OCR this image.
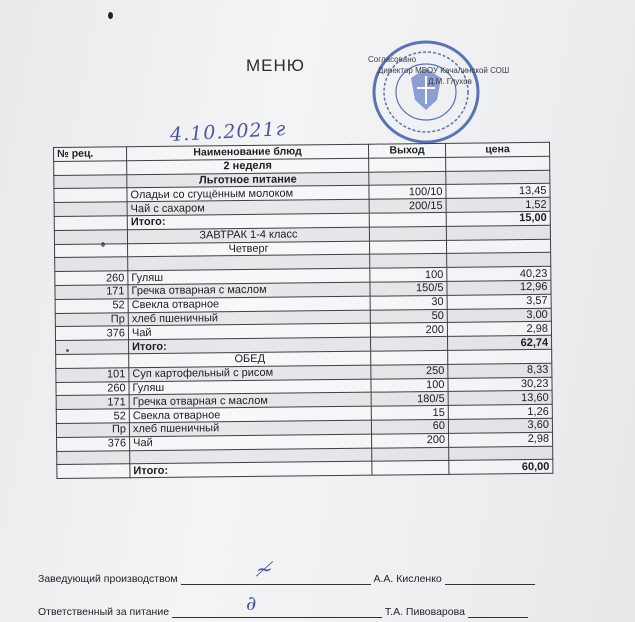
МЕНЮ	Согласовано
Директор МБОУ Качалинской СОШ
Д.М. Глухов
4.10.2021г
№ рец.	Наименование блюд	Выход	цена
	2 неделя		
	Льготное питание		
	Оладьи со сгущённым молоком	100/10	13,45
	Чай с сахаром	200/15	1,52
	Итого:		15,00
	ЗАВТРАК 1-4 класс		
	Четверг		

260	Гуляш	100	40,23
171	Гречка отварная с маслом	150/5	12,96
52	Свекла отварное	30	3,57
Пр	хлеб пшеничный	50	3,00
376	Чай	200	2,98
	Итого:		62,74
	ОБЕД		
101	Суп картофельный с рисом	250	8,33
260	Гуляш	100	30,23
171	Гречка отварная с маслом	180/5	13,60
52	Свекла отварное	15	1,26
Пр	хлеб пшеничный	60	3,60
376	Чай	200	2,98

	Итого:		60,00
Заведующий производством	А.А. Кисленко
≁
Ответственный за питание	Т.А. Пивоварова
∂
